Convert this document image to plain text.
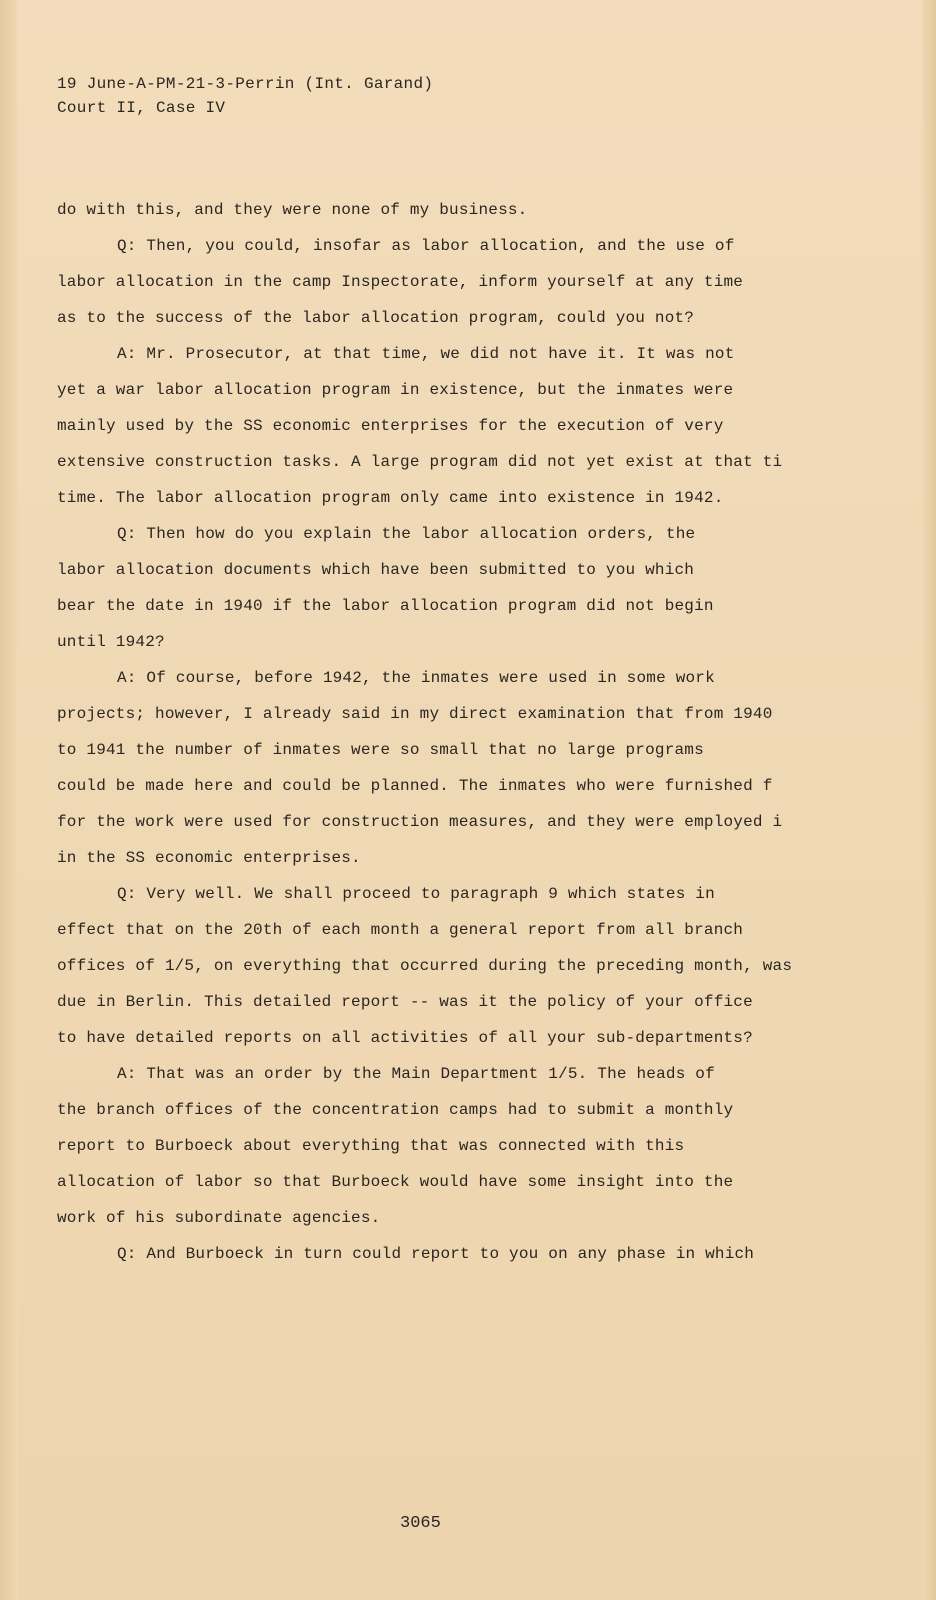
19 June-A-PM-21-3-Perrin (Int. Garand)
Court II, Case IV
do with this, and they were none of my business.
Q: Then, you could, insofar as labor allocation, and the use of
labor allocation in the camp Inspectorate, inform yourself at any time
as to the success of the labor allocation program, could you not?
A: Mr. Prosecutor, at that time, we did not have it. It was not
yet a war labor allocation program in existence, but the inmates were
mainly used by the SS economic enterprises for the execution of very
extensive construction tasks. A large program did not yet exist at that ti
time. The labor allocation program only came into existence in 1942.
Q: Then how do you explain the labor allocation orders, the
labor allocation documents which have been submitted to you which
bear the date in 1940 if the labor allocation program did not begin
until 1942?
A: Of course, before 1942, the inmates were used in some work
projects; however, I already said in my direct examination that from 1940
to 1941 the number of inmates were so small that no large programs
could be made here and could be planned. The inmates who were furnished f
for the work were used for construction measures, and they were employed i
in the SS economic enterprises.
Q: Very well. We shall proceed to paragraph 9 which states in
effect that on the 20th of each month a general report from all branch
offices of 1/5, on everything that occurred during the preceding month, was
due in Berlin. This detailed report -- was it the policy of your office
to have detailed reports on all activities of all your sub-departments?
A: That was an order by the Main Department 1/5. The heads of
the branch offices of the concentration camps had to submit a monthly
report to Burboeck about everything that was connected with this
allocation of labor so that Burboeck would have some insight into the
work of his subordinate agencies.
Q: And Burboeck in turn could report to you on any phase in which
3065
